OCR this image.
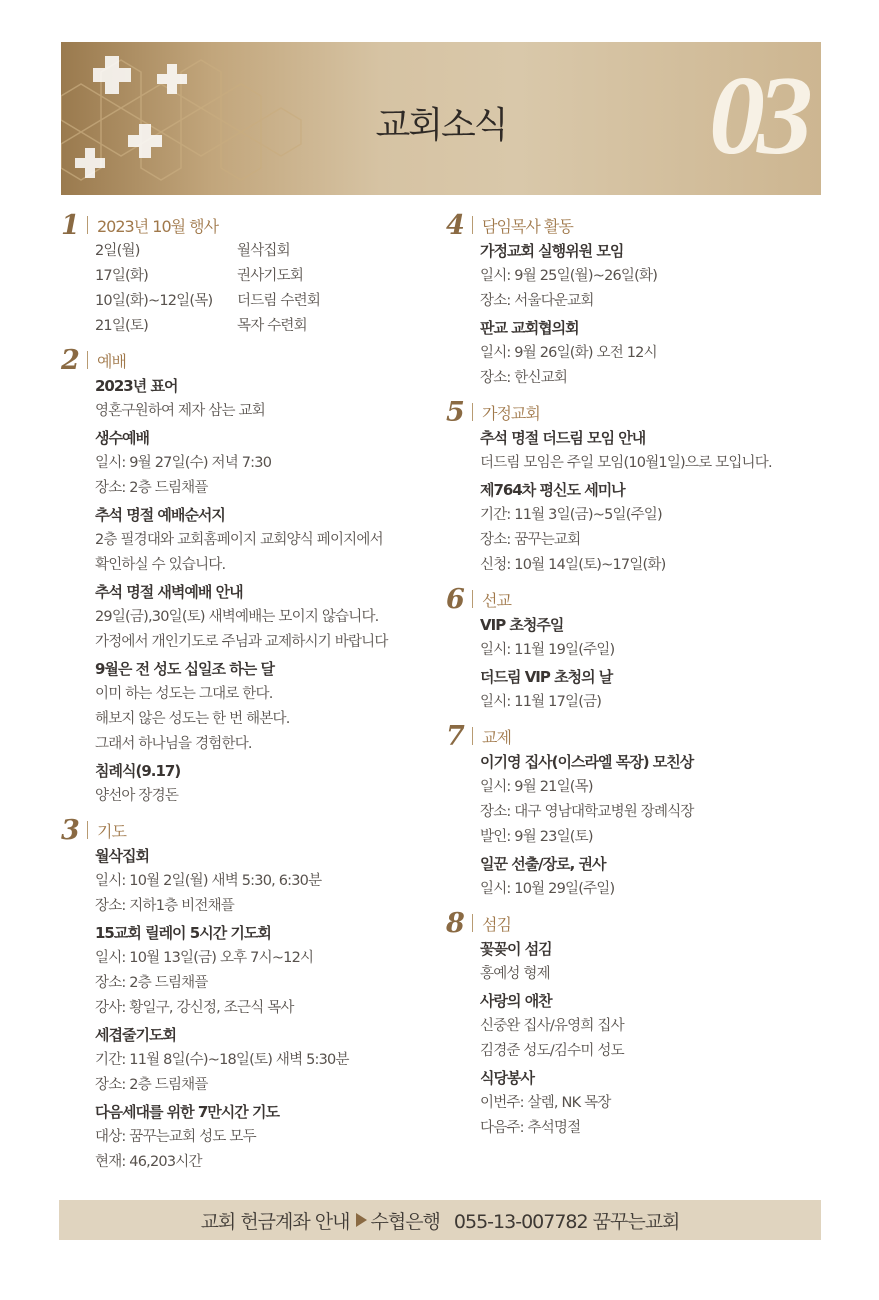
교회소식	03
1	2023년 10월 행사
2일(월)	월삭집회
17일(화)	권사기도회
10일(화)~12일(목)	더드림 수련회
21일(토)	목자 수련회
2	예배
2023년 표어
영혼구원하여 제자 삼는 교회
생수예배
일시: 9월 27일(수) 저녁 7:30
장소: 2층 드림채플
추석 명절 예배순서지
2층 필경대와 교회홈페이지 교회양식 페이지에서
확인하실 수 있습니다.
추석 명절 새벽예배 안내
29일(금),30일(토) 새벽예배는 모이지 않습니다.
가정에서 개인기도로 주님과 교제하시기 바랍니다
9월은 전 성도 십일조 하는 달
이미 하는 성도는 그대로 한다.
해보지 않은 성도는 한 번 해본다.
그래서 하나님을 경험한다.
침례식(9.17)
양선아 장경돈
3	기도
월삭집회
일시: 10월 2일(월) 새벽 5:30, 6:30분
장소: 지하1층 비전채플
15교회 릴레이 5시간 기도회
일시: 10월 13일(금) 오후 7시~12시
장소: 2층 드림채플
강사: 황일구, 강신정, 조근식 목사
세겹줄기도회
기간: 11월 8일(수)~18일(토) 새벽 5:30분
장소: 2층 드림채플
다음세대를 위한 7만시간 기도
대상: 꿈꾸는교회 성도 모두
현재: 46,203시간
4	담임목사 활동
가정교회 실행위원 모임
일시: 9월 25일(월)~26일(화)
장소: 서울다운교회
판교 교회협의회
일시: 9월 26일(화) 오전 12시
장소: 한신교회
5	가정교회
추석 명절 더드림 모임 안내
더드림 모임은 주일 모임(10월1일)으로 모입니다.
제764차 평신도 세미나
기간: 11월 3일(금)~5일(주일)
장소: 꿈꾸는교회
신청: 10월 14일(토)~17일(화)
6	선교
VIP 초청주일
일시: 11월 19일(주일)
더드림 VIP 초청의 날
일시: 11월 17일(금)
7	교제
이기영 집사(이스라엘 목장) 모친상
일시: 9월 21일(목)
장소: 대구 영남대학교병원 장례식장
발인: 9월 23일(토)
일꾼 선출/장로, 권사
일시: 10월 29일(주일)
8	섬김
꽃꽂이 섬김
홍예성 형제
사랑의 애찬
신중완 집사/유영희 집사
김경준 성도/김수미 성도
식당봉사
이번주: 살렘, NK 목장
다음주: 추석명절
교회 헌금계좌 안내 수협은행 055-13-007782 꿈꾸는교회
